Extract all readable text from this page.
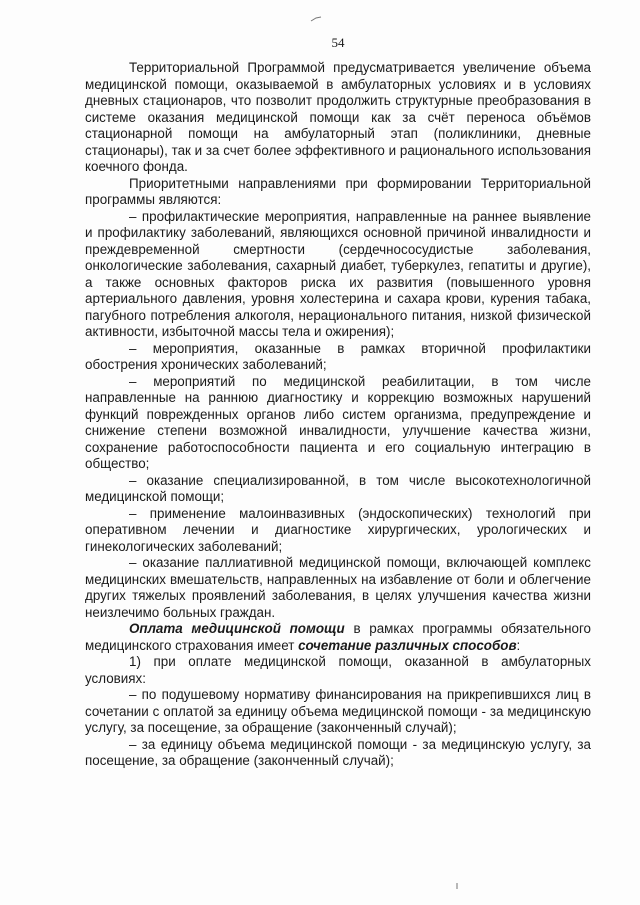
54

Территориальной Программой предусматривается увеличение объема медицинской помощи, оказываемой в амбулаторных условиях и в условиях дневных стационаров, что позволит продолжить структурные преобразования в системе оказания медицинской помощи как за счёт переноса объёмов стационарной помощи на амбулаторный этап (поликлиники, дневные стационары), так и за счет более эффективного и рационального использования коечного фонда.

Приоритетными направлениями при формировании Территориальной программы являются:

– профилактические мероприятия, направленные на раннее выявление и профилактику заболеваний, являющихся основной причиной инвалидности и преждевременной смертности (сердечнососудистые заболевания, онкологические заболевания, сахарный диабет, туберкулез, гепатиты и другие), а также основных факторов риска их развития (повышенного уровня артериального давления, уровня холестерина и сахара крови, курения табака, пагубного потребления алкоголя, нерационального питания, низкой физической активности, избыточной массы тела и ожирения);

– мероприятия, оказанные в рамках вторичной профилактики обострения хронических заболеваний;

– мероприятий по медицинской реабилитации, в том числе направленные на раннюю диагностику и коррекцию возможных нарушений функций поврежденных органов либо систем организма, предупреждение и снижение степени возможной инвалидности, улучшение качества жизни, сохранение работоспособности пациента и его социальную интеграцию в общество;

– оказание специализированной, в том числе высокотехнологичной медицинской помощи;

– применение малоинвазивных (эндоскопических) технологий при оперативном лечении и диагностике хирургических, урологических и гинекологических заболеваний;

– оказание паллиативной медицинской помощи, включающей комплекс медицинских вмешательств, направленных на избавление от боли и облегчение других тяжелых проявлений заболевания, в целях улучшения качества жизни неизлечимо больных граждан.

Оплата медицинской помощи в рамках программы обязательного медицинского страхования имеет сочетание различных способов:

1) при оплате медицинской помощи, оказанной в амбулаторных условиях:

– по подушевому нормативу финансирования на прикрепившихся лиц в сочетании с оплатой за единицу объема медицинской помощи - за медицинскую услугу, за посещение, за обращение (законченный случай);

– за единицу объема медицинской помощи - за медицинскую услугу, за посещение, за обращение (законченный случай);
